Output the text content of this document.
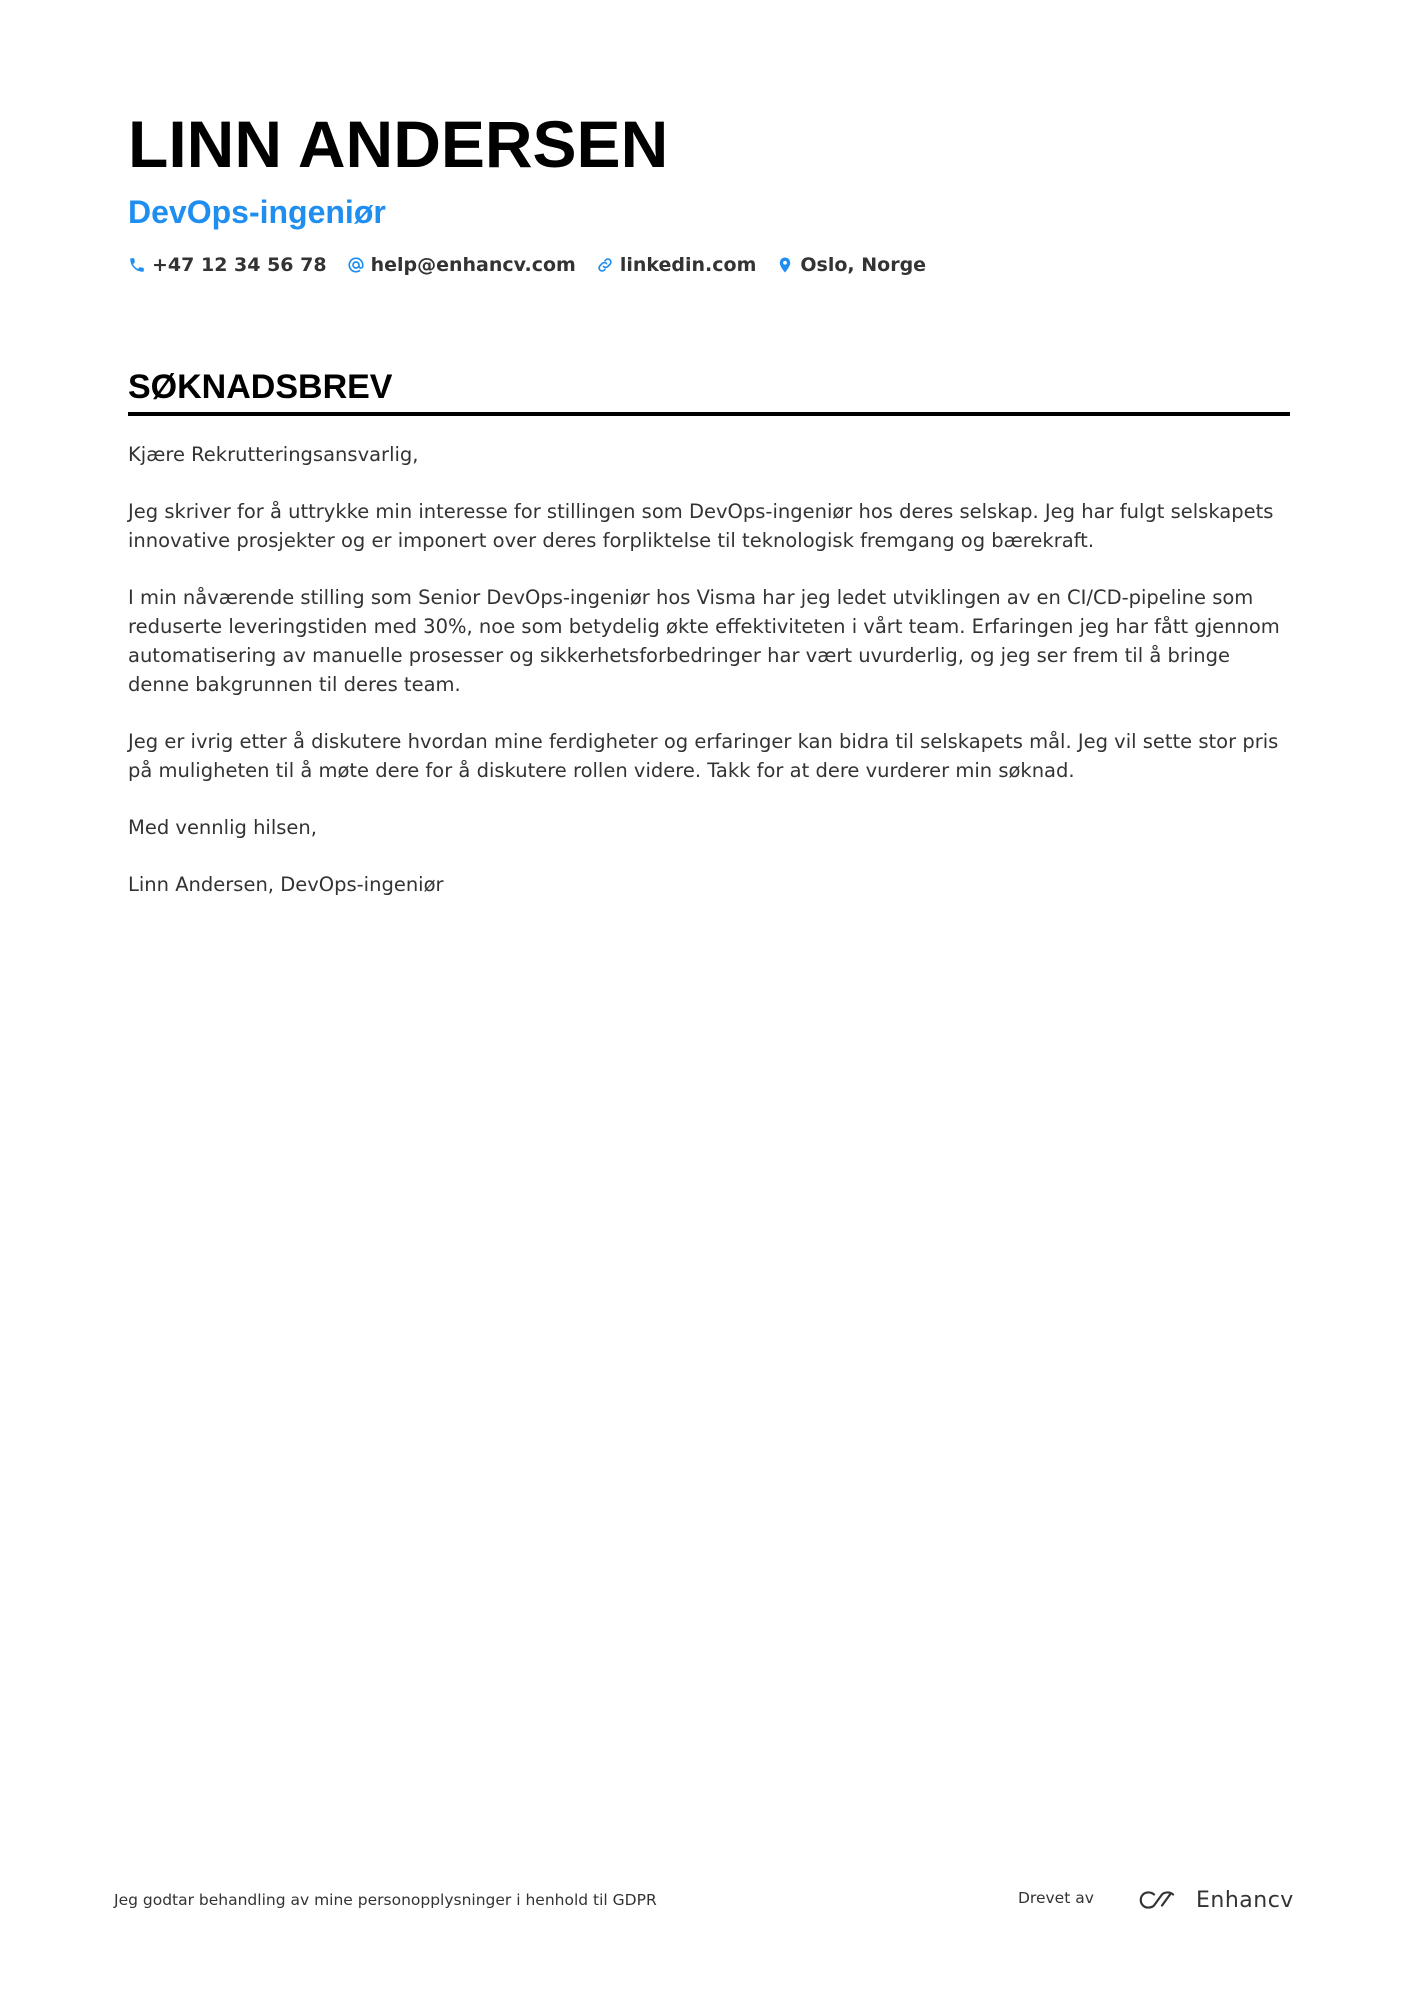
LINN ANDERSEN
DevOps-ingeniør
+47 12 34 56 78 help@enhancv.com linkedin.com Oslo, Norge
SØKNADSBREV

Kjære Rekrutteringsansvarlig,

Jeg skriver for å uttrykke min interesse for stillingen som DevOps-ingeniør hos deres selskap. Jeg har fulgt selskapets innovative prosjekter og er imponert over deres forpliktelse til teknologisk fremgang og bærekraft.

I min nåværende stilling som Senior DevOps-ingeniør hos Visma har jeg ledet utviklingen av en CI/CD-pipeline som reduserte leveringstiden med 30%, noe som betydelig økte effektiviteten i vårt team. Erfaringen jeg har fått gjennom automatisering av manuelle prosesser og sikkerhetsforbedringer har vært uvurderlig, og jeg ser frem til å bringe denne bakgrunnen til deres team.

Jeg er ivrig etter å diskutere hvordan mine ferdigheter og erfaringer kan bidra til selskapets mål. Jeg vil sette stor pris på muligheten til å møte dere for å diskutere rollen videre. Takk for at dere vurderer min søknad.

Med vennlig hilsen,

Linn Andersen, DevOps-ingeniør

Jeg godtar behandling av mine personopplysninger i henhold til GDPR	Drevet av	Enhancv
